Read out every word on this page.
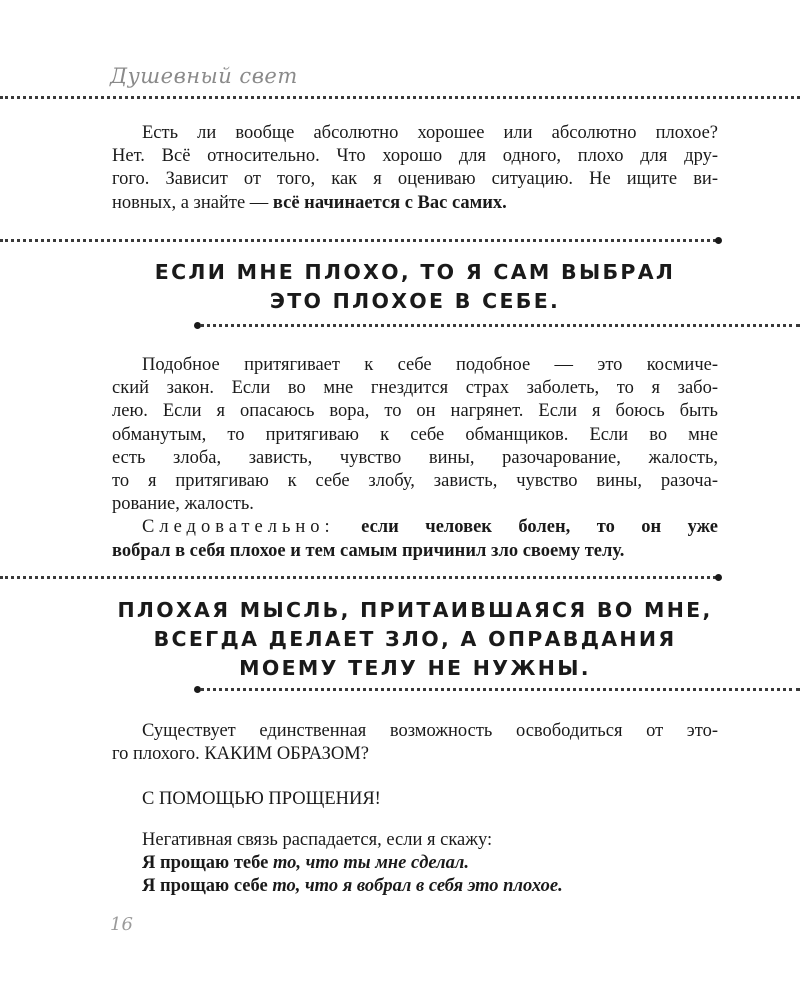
Душевный свет
Есть ли вообще абсолютно хорошее или абсолютно плохое?
Нет. Всё относительно. Что хорошо для одного, плохо для дру-
гого. Зависит от того, как я оцениваю ситуацию. Не ищите ви-
новных, а знайте — всё начинается с Вас самих.
ЕСЛИ МНЕ ПЛОХО, ТО Я САМ ВЫБРАЛ
ЭТО ПЛОХОЕ В СЕБЕ.
Подобное притягивает к себе подобное — это космиче-
ский закон. Если во мне гнездится страх заболеть, то я забо-
лею. Если я опасаюсь вора, то он нагрянет. Если я боюсь быть
обманутым, то притягиваю к себе обманщиков. Если во мне
есть злоба, зависть, чувство вины, разочарование, жалость,
то я притягиваю к себе злобу, зависть, чувство вины, разоча-
рование, жалость.
Следовательно: если человек болен, то он уже
вобрал в себя плохое и тем самым причинил зло своему телу.
ПЛОХАЯ МЫСЛЬ, ПРИТАИВШАЯСЯ ВО МНЕ,
ВСЕГДА ДЕЛАЕТ ЗЛО, А ОПРАВДАНИЯ
МОЕМУ ТЕЛУ НЕ НУЖНЫ.
Существует единственная возможность освободиться от это-
го плохого. КАКИМ ОБРАЗОМ?
С ПОМОЩЬЮ ПРОЩЕНИЯ!
Негативная связь распадается, если я скажу:
Я прощаю тебе то, что ты мне сделал.
Я прощаю себе то, что я вобрал в себя это плохое.
16
